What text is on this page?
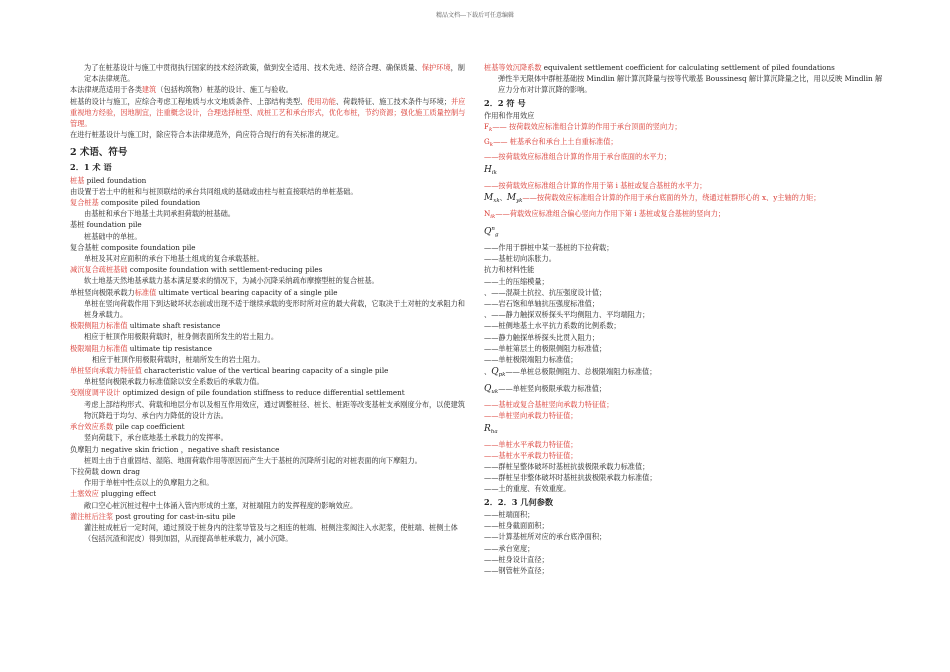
精品文档---下载后可任意编辑
为了在桩基设计与施工中贯彻执行国家的技术经济政策，做到安全适用、技术先进、经济合理、确保质量、保护环境，制定本法律规范。
本法律规范适用于各类建筑（包括构筑物）桩基的设计、施工与验收。
桩基的设计与施工，应综合考虑工程地质与水文地质条件、上部结构类型、使用功能、荷载特征、施工技术条件与环境；并应重视地方经验，因地制宜，注重概念设计，合理选择桩型、成桩工艺和承台形式，优化布桩，节约资源；强化施工质量控制与管理。
在进行桩基设计与施工时，除应符合本法律规范外，尚应符合现行的有关标准的规定。
2 术语、符号
2．1 术 语
桩基 piled foundation
由设置于岩土中的桩和与桩顶联结的承台共同组成的基础或由柱与桩直接联结的单桩基础。
复合桩基 composite piled foundation
由基桩和承台下地基土共同承担荷载的桩基础。
基桩 foundation pile
桩基础中的单桩。
复合基桩 composite foundation pile
单桩及其对应面积的承台下地基土组成的复合承载基桩。
减沉复合疏桩基础 composite foundation with settlement-reducing piles
软土地基天然地基承载力基本满足要求的情况下，为减小沉降采纳疏布摩擦型桩的复合桩基。
单桩竖向极限承载力标准值 ultimate vertical bearing capacity of a single pile
单桩在竖向荷载作用下到达破坏状态前或出现不适于继续承载的变形时所对应的最大荷载，它取决于土对桩的支承阻力和桩身承载力。
极限侧阻力标准值 ultimate shaft resistance
相应于桩顶作用极限荷载时，桩身侧表面所发生的岩土阻力。
极限端阻力标准值 ultimate tip resistance
相应于桩顶作用极限荷载时，桩端所发生的岩土阻力。
单桩竖向承载力特征值 characteristic value of the vertical bearing capacity of a single pile
单桩竖向极限承载力标准值除以安全系数后的承载力值。
变刚度调平设计 optimized design of pile foundation stiffness to reduce differential settlement
考虑上部结构形式、荷载和地层分布以及相互作用效应，通过调整桩径、桩长、桩距等改变基桩支承刚度分布，以使建筑物沉降趋于均匀、承台内力降低的设计方法。
承台效应系数 pile cap coefficient
竖向荷载下，承台底地基土承载力的发挥率。
负摩阻力 negative skin friction ，negative shaft resistance
桩周土由于自重固结、湿陷、地面荷载作用等原因而产生大于基桩的沉降所引起的对桩表面的向下摩阻力。
下拉荷载 down drag
作用于单桩中性点以上的负摩阻力之和。
土塞效应 plugging effect
敞口空心桩沉桩过程中土体涌入管内形成的土塞，对桩端阻力的发挥程度的影响效应。
灌注桩后注浆 post grouting for cast-in-situ pile
灌注桩成桩后一定时间，通过预设于桩身内的注浆导管及与之相连的桩端、桩侧注浆阀注入水泥浆，使桩端、桩侧土体（包括沉渣和泥皮）得到加固，从而提高单桩承载力，减小沉降。
桩基等效沉降系数 equivalent settlement coefficient for calculating settlement of piled foundations
弹性半无限体中群桩基础按 Mindlin 解计算沉降量与按等代墩基 Boussinesq 解计算沉降量之比，用以反映 Mindlin 解应力分布对计算沉降的影响。
2．2 符 号
作用和作用效应
$F_k——$ 按荷载效应标准组合计算的作用于承台顶面的竖向力；
$G_k——$ 桩基承台和承台上土自重标准值；
——按荷载效应标准组合计算的作用于承台底面的水平力；
$H_{ik}$
——按荷载效应标准组合计算的作用于第 i 基桩或复合基桩的水平力；
$M_{xk}$、$M_{yk}——$按荷载效应标准组合计算的作用于承台底面的外力，绕通过桩群形心的 x、y主轴的力矩；
$N_{ik}——$荷载效应标准组合偏心竖向力作用下第 i 基桩或复合基桩的竖向力；
$Q^n_g$
——作用于群桩中某一基桩的下拉荷载；
——基桩切向冻胀力。
抗力和材料性能
——土的压缩模量；
、——混凝土抗拉、抗压强度设计值；
——岩石饱和单轴抗压强度标准值；
、——静力触探双桥探头平均侧阻力、平均端阻力；
——桩侧地基土水平抗力系数的比例系数；
——静力触探单桥探头比贯入阻力；
——单桩第层土的极限侧阻力标准值；
——单桩极限端阻力标准值；
、$Q_{pk}——$单桩总极限侧阻力、总极限端阻力标准值；
$Q_{uk}——$单桩竖向极限承载力标准值；
——基桩或复合基桩竖向承载力特征值；
——单桩竖向承载力特征值；
$R_{ha}$
——单桩水平承载力特征值；
——基桩水平承载力特征值；
——群桩呈整体破坏时基桩抗拔极限承载力标准值；
——群桩呈非整体破坏时基桩抗拔极限承载力标准值；
——土的重度、有效重度。
2．2．3 几何参数
——桩端面积；
——桩身截面面积；
——计算基桩所对应的承台底净面积；
——承台宽度；
——桩身设计直径；
——钢管桩外直径；
